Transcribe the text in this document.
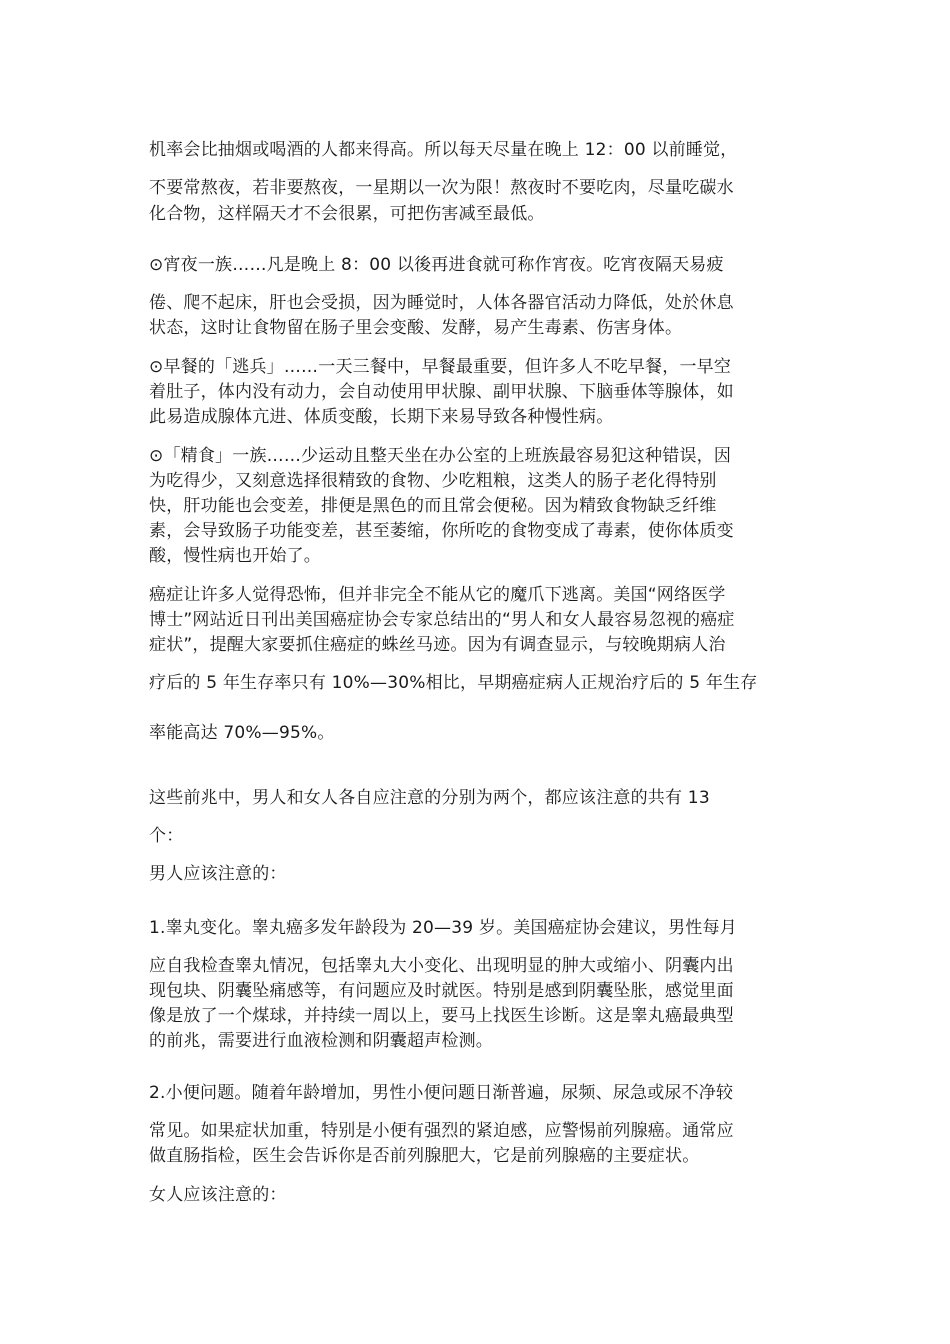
机率会比抽烟或喝酒的人都来得高。所以每天尽量在晚上 12：00 以前睡觉，
不要常熬夜，若非要熬夜，一星期以一次为限！熬夜时不要吃肉，尽量吃碳水
化合物，这样隔天才不会很累，可把伤害减至最低。
⊙宵夜一族……凡是晚上 8：00 以後再进食就可称作宵夜。吃宵夜隔天易疲
倦、爬不起床，肝也会受损，因为睡觉时，人体各器官活动力降低，处於休息
状态，这时让食物留在肠子里会变酸、发酵，易产生毒素、伤害身体。
⊙早餐的「逃兵」……一天三餐中，早餐最重要，但许多人不吃早餐，一早空
着肚子，体内没有动力，会自动使用甲状腺、副甲状腺、下脑垂体等腺体，如
此易造成腺体亢进、体质变酸，长期下来易导致各种慢性病。
⊙「精食」一族……少运动且整天坐在办公室的上班族最容易犯这种错误，因
为吃得少，又刻意选择很精致的食物、少吃粗粮，这类人的肠子老化得特别
快，肝功能也会变差，排便是黑色的而且常会便秘。因为精致食物缺乏纤维
素，会导致肠子功能变差，甚至萎缩，你所吃的食物变成了毒素，使你体质变
酸，慢性病也开始了。
癌症让许多人觉得恐怖，但并非完全不能从它的魔爪下逃离。美国“网络医学
博士”网站近日刊出美国癌症协会专家总结出的“男人和女人最容易忽视的癌症
症状”，提醒大家要抓住癌症的蛛丝马迹。因为有调查显示，与较晚期病人治
疗后的 5 年生存率只有 10%—30%相比，早期癌症病人正规治疗后的 5 年生存
率能高达 70%—95%。
这些前兆中，男人和女人各自应注意的分别为两个，都应该注意的共有 13
个：
男人应该注意的：
1.睾丸变化。睾丸癌多发年龄段为 20—39 岁。美国癌症协会建议，男性每月
应自我检查睾丸情况，包括睾丸大小变化、出现明显的肿大或缩小、阴囊内出
现包块、阴囊坠痛感等，有问题应及时就医。特别是感到阴囊坠胀，感觉里面
像是放了一个煤球，并持续一周以上，要马上找医生诊断。这是睾丸癌最典型
的前兆，需要进行血液检测和阴囊超声检测。
2.小便问题。随着年龄增加，男性小便问题日渐普遍，尿频、尿急或尿不净较
常见。如果症状加重，特别是小便有强烈的紧迫感，应警惕前列腺癌。通常应
做直肠指检，医生会告诉你是否前列腺肥大，它是前列腺癌的主要症状。
女人应该注意的：
